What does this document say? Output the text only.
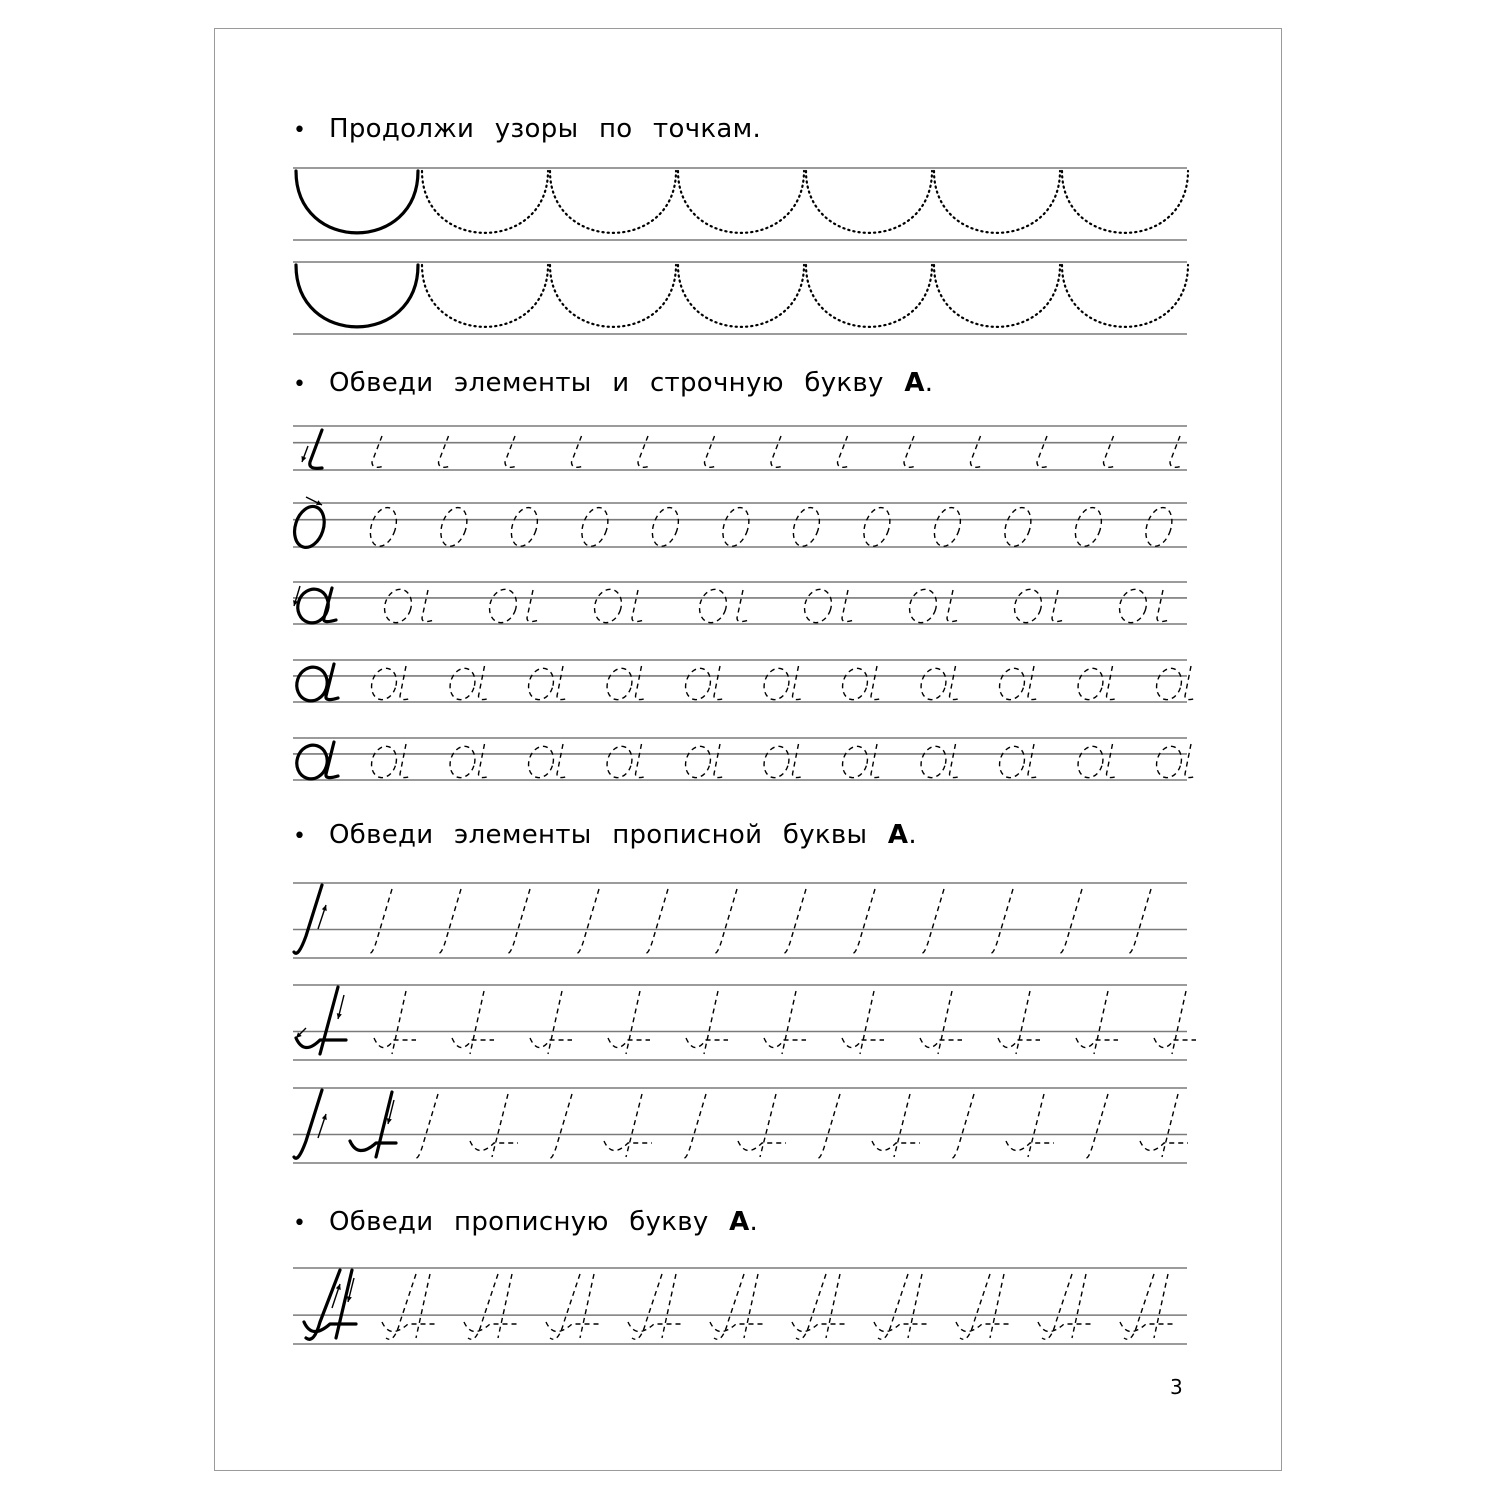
• Продолжи узоры по точкам.
• Обведи элементы и строчную букву А.
• Обведи элементы прописной буквы А.
• Обведи прописную букву А.
3
